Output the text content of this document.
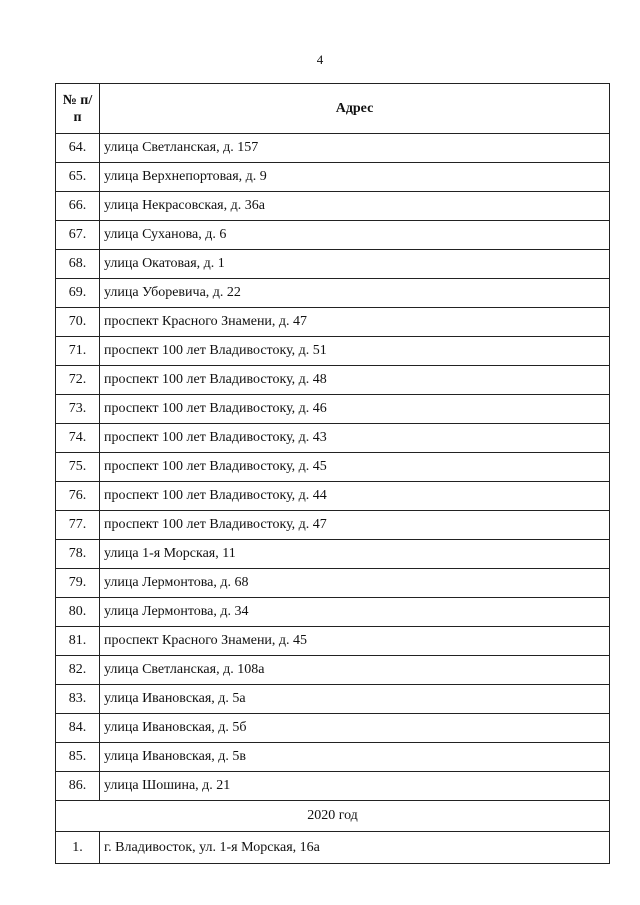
4
№ п/
п	Адрес
64.	улица Светланская, д. 157
65.	улица Верхнепортовая, д. 9
66.	улица Некрасовская, д. 36а
67.	улица Суханова, д. 6
68.	улица Окатовая, д. 1
69.	улица Уборевича, д. 22
70.	проспект Красного Знамени, д. 47
71.	проспект 100 лет Владивостоку, д. 51
72.	проспект 100 лет Владивостоку, д. 48
73.	проспект 100 лет Владивостоку, д. 46
74.	проспект 100 лет Владивостоку, д. 43
75.	проспект 100 лет Владивостоку, д. 45
76.	проспект 100 лет Владивостоку, д. 44
77.	проспект 100 лет Владивостоку, д. 47
78.	улица 1-я Морская, 11
79.	улица Лермонтова, д. 68
80.	улица Лермонтова, д. 34
81.	проспект Красного Знамени, д. 45
82.	улица Светланская, д. 108а
83.	улица Ивановская, д. 5а
84.	улица Ивановская, д. 5б
85.	улица Ивановская, д. 5в
86.	улица Шошина, д. 21
2020 год	
1.	г. Владивосток, ул. 1-я Морская, 16а
